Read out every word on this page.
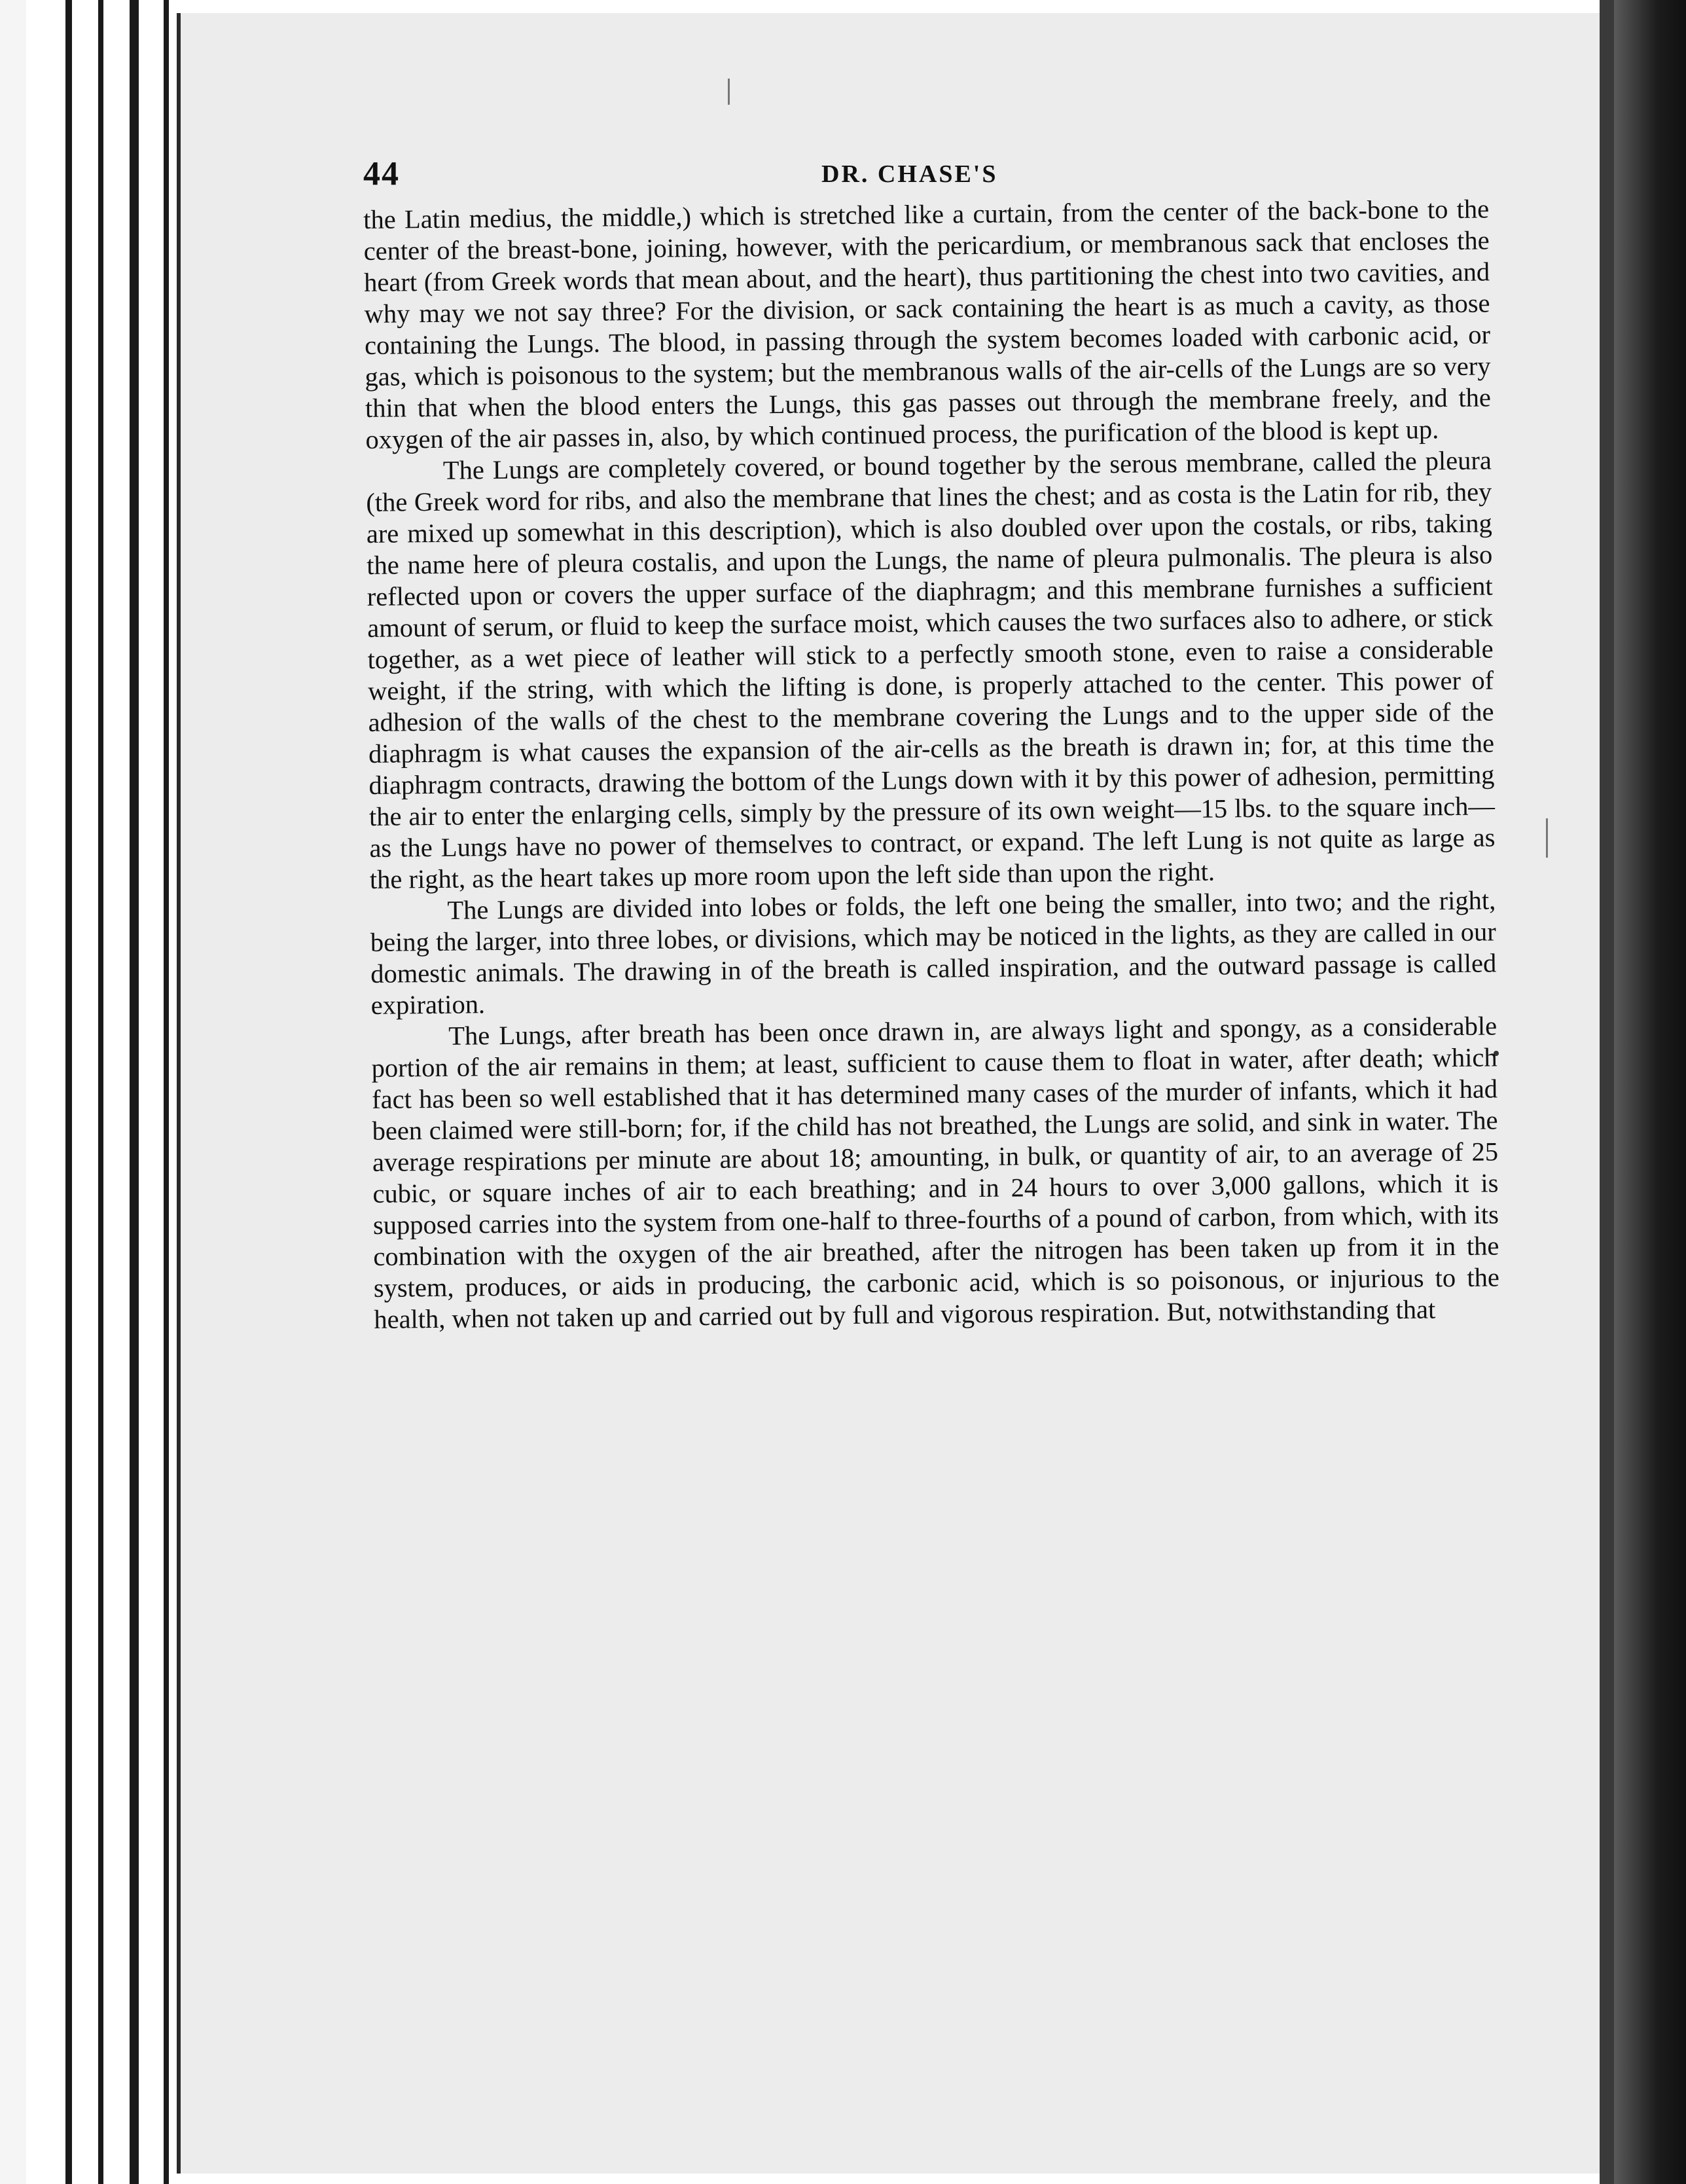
44	DR. CHASE'S

the Latin medius, the middle,) which is stretched like a curtain, from the center of the back-bone to the center of the breast-bone, joining, however, with the pericardium, or membranous sack that encloses the heart (from Greek words that mean about, and the heart), thus partitioning the chest into two cavities, and why may we not say three? For the division, or sack containing the heart is as much a cavity, as those containing the Lungs. The blood, in passing through the system becomes loaded with carbonic acid, or gas, which is poisonous to the system; but the membranous walls of the air-cells of the Lungs are so very thin that when the blood enters the Lungs, this gas passes out through the membrane freely, and the oxygen of the air passes in, also, by which continued process, the purification of the blood is kept up.

The Lungs are completely covered, or bound together by the serous membrane, called the pleura (the Greek word for ribs, and also the membrane that lines the chest; and as costa is the Latin for rib, they are mixed up somewhat in this description), which is also doubled over upon the costals, or ribs, taking the name here of pleura costalis, and upon the Lungs, the name of pleura pulmonalis. The pleura is also reflected upon or covers the upper surface of the diaphragm; and this membrane furnishes a sufficient amount of serum, or fluid to keep the surface moist, which causes the two surfaces also to adhere, or stick together, as a wet piece of leather will stick to a perfectly smooth stone, even to raise a considerable weight, if the string, with which the lifting is done, is properly attached to the center. This power of adhesion of the walls of the chest to the membrane covering the Lungs and to the upper side of the diaphragm is what causes the expansion of the air-cells as the breath is drawn in; for, at this time the diaphragm contracts, drawing the bottom of the Lungs down with it by this power of adhesion, permitting the air to enter the enlarging cells, simply by the pressure of its own weight—15 lbs. to the square inch—as the Lungs have no power of themselves to contract, or expand. The left Lung is not quite as large as the right, as the heart takes up more room upon the left side than upon the right.

The Lungs are divided into lobes or folds, the left one being the smaller, into two; and the right, being the larger, into three lobes, or divisions, which may be noticed in the lights, as they are called in our domestic animals. The drawing in of the breath is called inspiration, and the outward passage is called expiration.

The Lungs, after breath has been once drawn in, are always light and spongy, as a considerable portion of the air remains in them; at least, sufficient to cause them to float in water, after death; which fact has been so well established that it has determined many cases of the murder of infants, which it had been claimed were still-born; for, if the child has not breathed, the Lungs are solid, and sink in water. The average respirations per minute are about 18; amounting, in bulk, or quantity of air, to an average of 25 cubic, or square inches of air to each breathing; and in 24 hours to over 3,000 gallons, which it is supposed carries into the system from one-half to three-fourths of a pound of carbon, from which, with its combination with the oxygen of the air breathed, after the nitrogen has been taken up from it in the system, produces, or aids in producing, the carbonic acid, which is so poisonous, or injurious to the health, when not taken up and carried out by full and vigorous respiration. But, notwithstanding that
